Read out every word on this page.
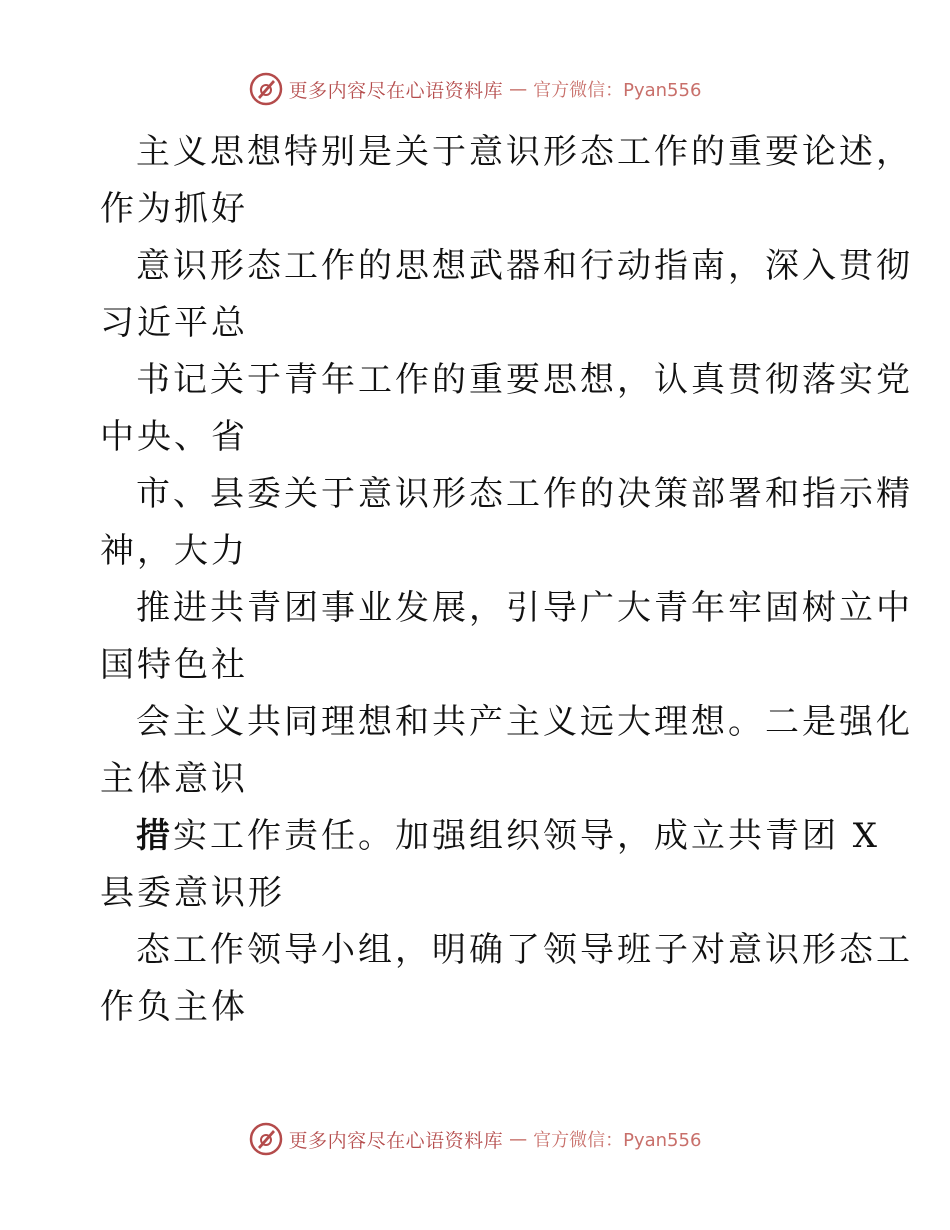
更多内容尽在心语资料库 — 官方微信：Pyan556
主义思想特别是关于意识形态工作的重要论述，
作为抓好
意识形态工作的思想武器和行动指南，深入贯彻
习近平总
书记关于青年工作的重要思想，认真贯彻落实党
中央、省
市、县委关于意识形态工作的决策部署和指示精
神，大力
推进共青团事业发展，引导广大青年牢固树立中
国特色社
会主义共同理想和共产主义远大理想。二是强化
主体意识
措实工作责任。加强组织领导，成立共青团 X
县委意识形
态工作领导小组，明确了领导班子对意识形态工
作负主体
更多内容尽在心语资料库 — 官方微信：Pyan556
